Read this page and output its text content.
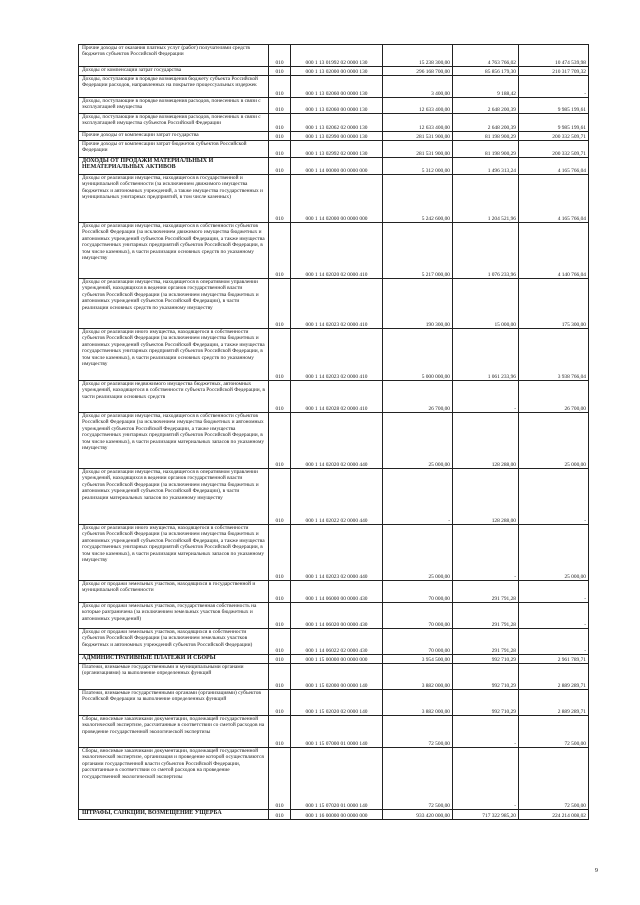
Прочие доходы от оказания платных услуг (работ) получателями средств бюджетов субъектов Российской Федерации	010	000 1 13 01992 02 0000 130	15 238 300,00	4 763 766,02	10 474 539,98
Доходы от компенсации затрат государства	010	000 1 13 02000 00 0000 130	296 168 700,00	85 856 179,30	210 317 709,32
Доходы, поступающие в порядке возмещения бюджету субъекта Российской Федерации расходов, направленных на покрытие процессуальных издержек	010	000 1 13 02060 00 0000 130	3 400,00	9 188,42	-
Доходы, поступающие в порядке возмещения расходов, понесенных в связи с эксплуатацией имущества	010	000 1 13 02060 00 0000 130	12 633 400,00	2 648 200,39	9 985 199,61
Доходы, поступающие в порядке возмещения расходов, понесенных в связи с эксплуатацией имущества субъектов Российской Федерации	010	000 1 13 02062 02 0000 130	12 633 400,00	2 648 200,39	9 985 199,61
Прочие доходы от компенсации затрат государства	010	000 1 13 02990 00 0000 130	281 531 900,00	81 198 900,29	200 332 509,71
Прочие доходы от компенсации затрат бюджетов субъектов Российской Федерации	010	000 1 13 02992 02 0000 130	281 531 900,00	81 198 900,29	200 332 509,71
ДОХОДЫ ОТ ПРОДАЖИ МАТЕРИАЛЬНЫХ И НЕМАТЕРИАЛЬНЫХ АКТИВОВ	010	000 1 14 00000 00 0000 000	5 312 000,00	1 496 313,24	4 165 766,04
Доходы от реализации имущества, находящегося в государственной и муниципальной собственности (за исключением движимого имущества бюджетных и автономных учреждений, а также имущества государственных и муниципальных унитарных предприятий, в том числе казенных)	010	000 1 14 02000 00 0000 000	5 242 600,00	1 204 521,96	4 165 766,04
Доходы от реализации имущества, находящегося в собственности субъектов Российской Федерации (за исключением движимого имущества бюджетных и автономных учреждений субъектов Российской Федерации, а также имущества государственных унитарных предприятий субъектов Российской Федерации, в том числе казенных), в части реализации основных средств по указанному имуществу	010	000 1 14 02020 02 0000 410	5 217 000,00	1 076 233,96	4 140 766,04
Доходы от реализации имущества, находящегося в оперативном управлении учреждений, находящихся в ведении органов государственной власти субъектов Российской Федерации (за исключением имущества бюджетных и автономных учреждений субъектов Российской Федерации), в части реализации основных средств по указанному имуществу	010	000 1 14 02023 02 0000 410	190 300,00	15 000,00	175 300,00
Доходы от реализации иного имущества, находящегося в собственности субъектов Российской Федерации (за исключением имущества бюджетных и автономных учреждений субъектов Российской Федерации, а также имущества государственных унитарных предприятий субъектов Российской Федерации, в том числе казенных), в части реализации основных средств по указанному имуществу	010	000 1 14 02023 02 0000 410	5 000 000,00	1 061 233,96	3 938 766,04
Доходы от реализации недвижимого имущества бюджетных, автономных учреждений, находящегося в собственности субъекта Российской Федерации, в части реализации основных средств	010	000 1 14 02028 02 0000 410	26 700,00	-	26 700,00
Доходы от реализации имущества, находящегося в собственности субъектов Российской Федерации (за исключением имущества бюджетных и автономных учреждений субъектов Российской Федерации, а также имущества государственных унитарных предприятий субъектов Российской Федерации, в том числе казенных), в части реализации материальных запасов по указанному имуществу	010	000 1 14 02020 02 0000 440	25 000,00	128 288,00	25 000,00
Доходы от реализации имущества, находящегося в оперативном управлении учреждений, находящихся в ведении органов государственной власти субъектов Российской Федерации (за исключением имущества бюджетных и автономных учреждений субъектов Российской Федерации), в части реализации материальных запасов по указанному имуществу	010	000 1 14 02022 02 0000 440	-	128 288,00	-
Доходы от реализации иного имущества, находящегося в собственности субъектов Российской Федерации (за исключением имущества бюджетных и автономных учреждений субъектов Российской Федерации, а также имущества государственных унитарных предприятий субъектов Российской Федерации, в том числе казенных), в части реализации материальных запасов по указанному имуществу	010	000 1 14 02023 02 0000 440	25 000,00	-	25 000,00
Доходы от продажи земельных участков, находящихся в государственной и муниципальной собственности	010	000 1 14 06000 00 0000 430	70 000,00	291 791,28	-
Доходы от продажи земельных участков, государственная собственность на которые разграничена (за исключением земельных участков бюджетных и автономных учреждений)	010	000 1 14 06020 00 0000 430	70 000,00	291 791,28	-
Доходы от продажи земельных участков, находящихся в собственности субъектов Российской Федерации (за исключением земельных участков бюджетных и автономных учреждений субъектов Российской Федерации)	010	000 1 14 06022 02 0000 430	70 000,00	291 791,28	-
АДМИНИСТРАТИВНЫЕ ПЛАТЕЖИ И СБОРЫ	010	000 1 15 00000 00 0000 000	3 954 500,00	992 710,29	2 961 789,71
Платежи, взимаемые государственными и муниципальными органами (организациями) за выполнение определенных функций	010	000 1 15 02000 00 0000 140	3 882 000,00	992 710,29	2 889 289,71
Платежи, взимаемые государственными органами (организациями) субъектов Российской Федерации за выполнение определенных функций	010	000 1 15 02020 02 0000 140	3 882 000,00	992 710,29	2 889 289,71
Сборы, вносимые заказчиками документации, подлежащей государственной экологической экспертизе, рассчитанные в соответствии со сметой расходов на проведение государственной экологической экспертизы	010	000 1 15 07000 01 0000 140	72 500,00	-	72 500,00
Сборы, вносимые заказчиками документации, подлежащей государственной экологической экспертизе, организация и проведение которой осуществляются органами государственной власти субъектов Российской Федерации, рассчитанные в соответствии со сметой расходов на проведение государственной экологической экспертизы	010	000 1 15 07020 01 0000 140	72 500,00	-	72 500,00
ШТРАФЫ, САНКЦИИ, ВОЗМЕЩЕНИЕ УЩЕРБА	010	000 1 16 00000 00 0000 000	933 420 000,00	717 322 985,20	224 214 008,02
9
